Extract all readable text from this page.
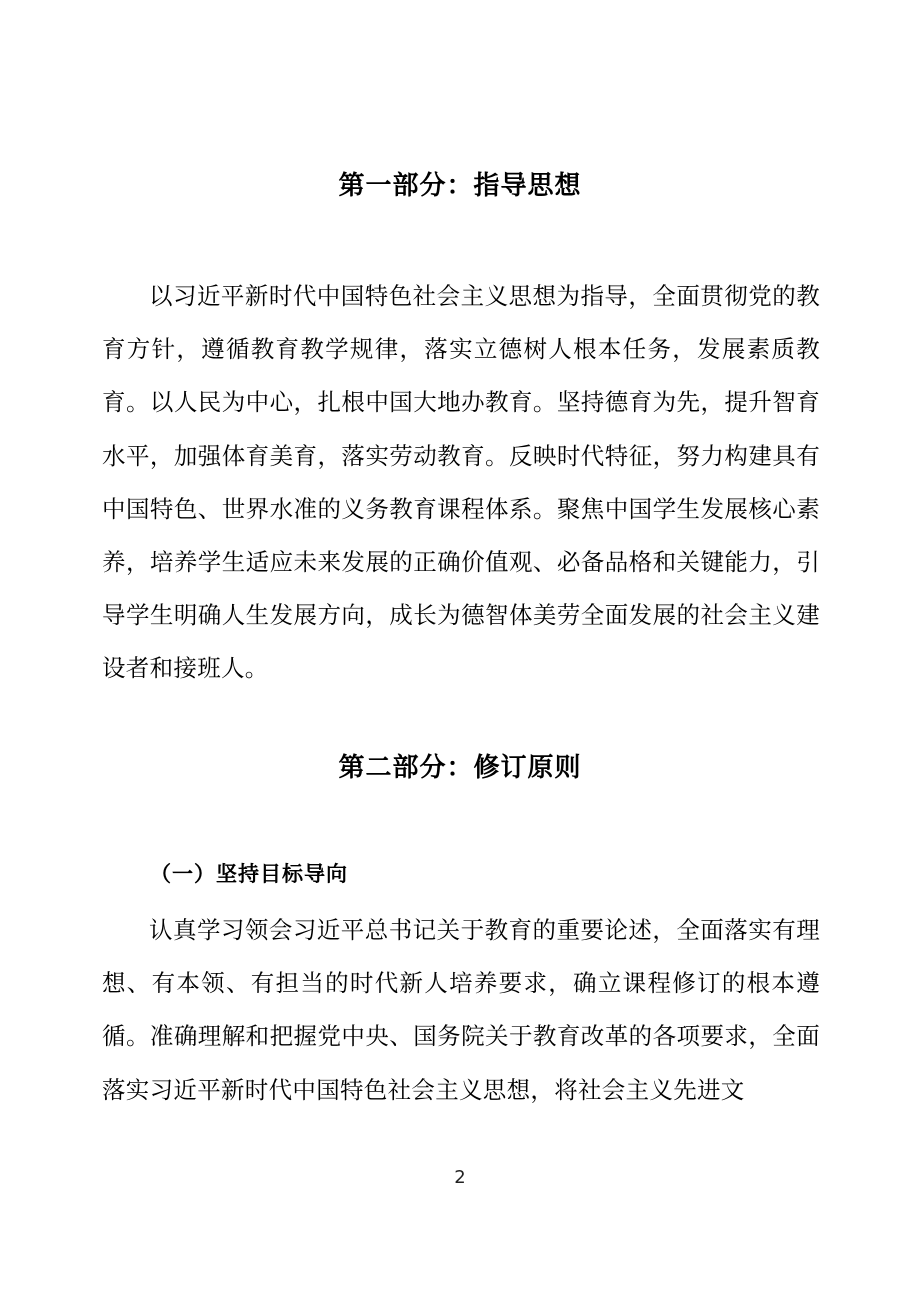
第一部分：指导思想

以习近平新时代中国特色社会主义思想为指导，全面贯彻党的教育方针，遵循教育教学规律，落实立德树人根本任务，发展素质教育。以人民为中心，扎根中国大地办教育。坚持德育为先，提升智育水平，加强体育美育，落实劳动教育。反映时代特征，努力构建具有中国特色、世界水准的义务教育课程体系。聚焦中国学生发展核心素养，培养学生适应未来发展的正确价值观、必备品格和关键能力，引导学生明确人生发展方向，成长为德智体美劳全面发展的社会主义建设者和接班人。

第二部分：修订原则
（一）坚持目标导向

认真学习领会习近平总书记关于教育的重要论述，全面落实有理想、有本领、有担当的时代新人培养要求，确立课程修订的根本遵循。准确理解和把握党中央、国务院关于教育改革的各项要求，全面落实习近平新时代中国特色社会主义思想，将社会主义先进文

2
